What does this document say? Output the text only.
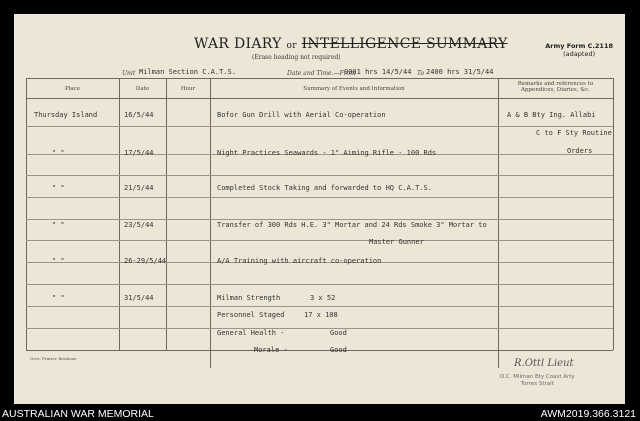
WAR DIARY or INTELLIGENCE SUMMARY
(Erase heading not required)
Army Form C.2118
(adapted)
Unit Milman Section C.A.T.S.	Date and Time.—From
0001 hrs 14/5/44 To 2400 hrs 31/5/44
Place	Date	Hour	Summary of Events and Information
Remarks and references to
Appendices, Diaries, &c.
Thursday Island	16/5/44	Bofor Gun Drill with Aerial Co-operation	A & B Bty Ing. Allabi
C to F Sty Routine
" "	17/5/44	Night Practices Seawards - 1" Aiming Rifle - 100 Rds	Orders
" "	21/5/44	Completed Stock Taking and forwarded to HQ C.A.T.S.
" "	23/5/44	Transfer of 300 Rds H.E. 3" Mortar and 24 Rds Smoke 3" Mortar to
Master Gunner
" "	26-29/5/44	A/A Training with aircraft co-operation
" "	31/5/44	Milman Strength	3 x 52
Personnel Staged	17 x 108
General Health -	Good
Morale -	Good
Govt. Printer, Brisbane	R.Ottl Lieut
O.C. Milman Bty Coast Arty
Torres Strait
AUSTRALIAN WAR MEMORIAL	AWM2019.366.3121
